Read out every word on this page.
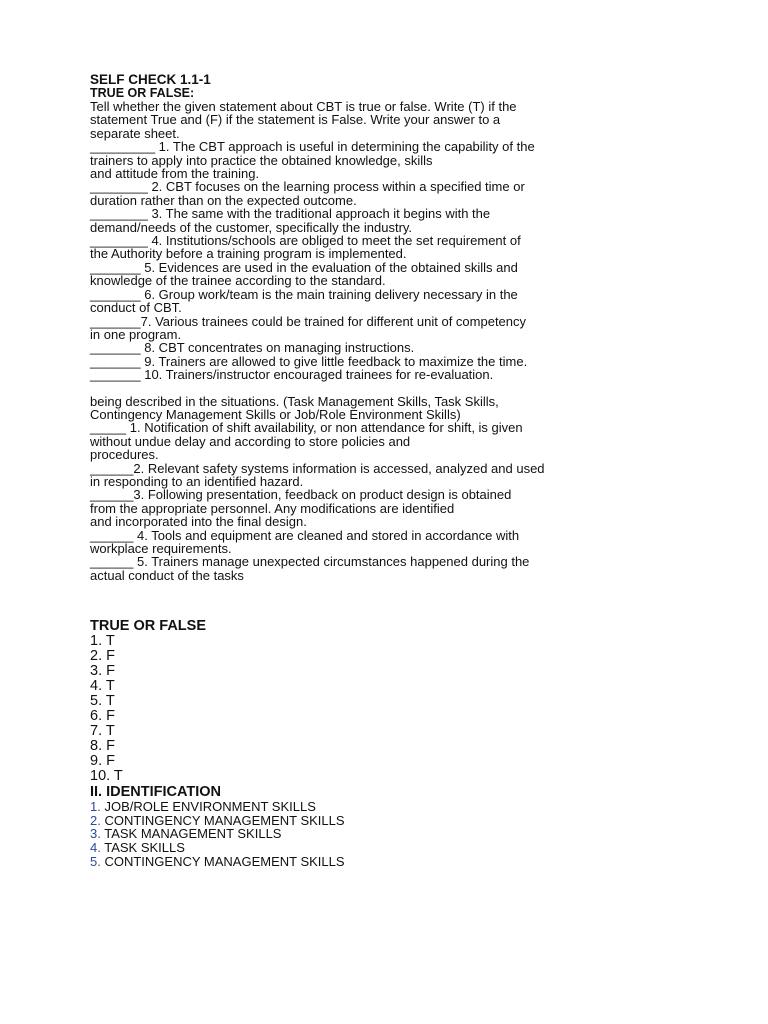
SELF CHECK 1.1-1
TRUE OR FALSE:
Tell whether the given statement about CBT is true or false. Write (T) if the
statement True and (F) if the statement is False. Write your answer to a
separate sheet.
_________ 1. The CBT approach is useful in determining the capability of the
trainers to apply into practice the obtained knowledge, skills
and attitude from the training.
________ 2. CBT focuses on the learning process within a specified time or
duration rather than on the expected outcome.
________ 3. The same with the traditional approach it begins with the
demand/needs of the customer, specifically the industry.
________ 4. Institutions/schools are obliged to meet the set requirement of
the Authority before a training program is implemented.
_______ 5. Evidences are used in the evaluation of the obtained skills and
knowledge of the trainee according to the standard.
_______ 6. Group work/team is the main training delivery necessary in the
conduct of CBT.
_______7. Various trainees could be trained for different unit of competency
in one program.
_______ 8. CBT concentrates on managing instructions.
_______ 9. Trainers are allowed to give little feedback to maximize the time.
_______ 10. Trainers/instructor encouraged trainees for re-evaluation.
being described in the situations. (Task Management Skills, Task Skills,
Contingency Management Skills or Job/Role Environment Skills)
_____ 1. Notification of shift availability, or non attendance for shift, is given
without undue delay and according to store policies and
procedures.
______2. Relevant safety systems information is accessed, analyzed and used
in responding to an identified hazard.
______3. Following presentation, feedback on product design is obtained
from the appropriate personnel. Any modifications are identified
and incorporated into the final design.
______ 4. Tools and equipment are cleaned and stored in accordance with
workplace requirements.
______ 5. Trainers manage unexpected circumstances happened during the
actual conduct of the tasks
TRUE OR FALSE
1. T
2. F
3. F
4. T
5. T
6. F
7. T
8. F
9. F
10. T
II. IDENTIFICATION
1. JOB/ROLE ENVIRONMENT SKILLS
2. CONTINGENCY MANAGEMENT SKILLS
3. TASK MANAGEMENT SKILLS
4. TASK SKILLS
5. CONTINGENCY MANAGEMENT SKILLS
